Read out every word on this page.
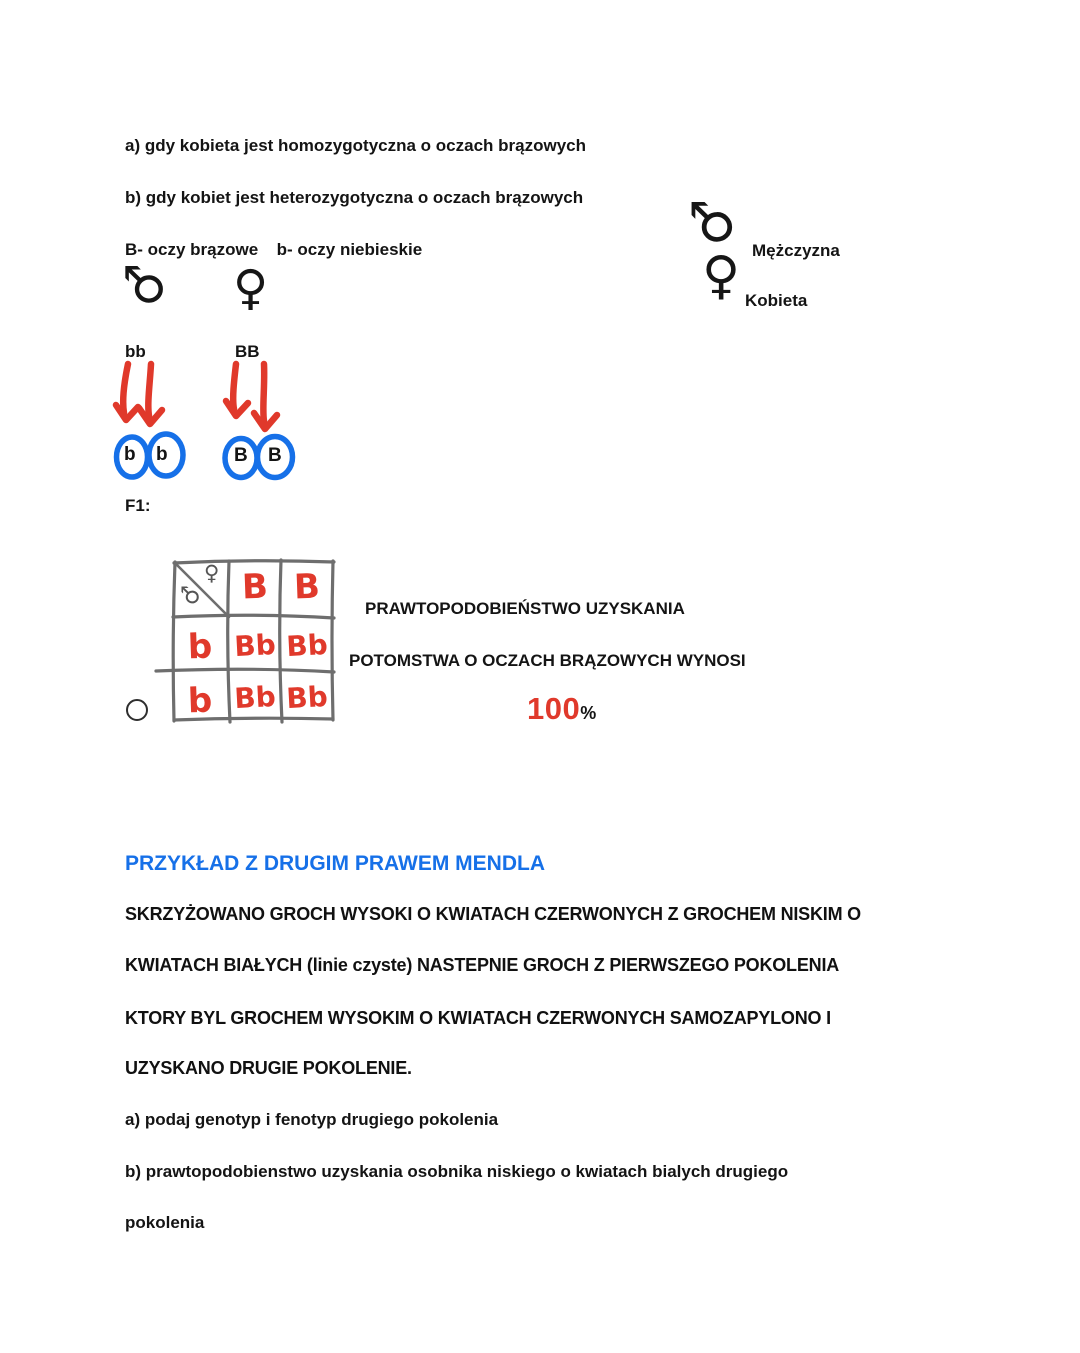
a) gdy kobieta jest homozygotyczna o oczach brązowych
b) gdy kobiet jest heterozygotyczna o oczach brązowych
B- oczy brązowe b- oczy niebieskie	♂ Mężczyzna
♀ Kobieta
♂ ♀
bb	BB
b b	B B
F1:
♀
♂	B B
b Bb Bb
b Bb Bb
PRAWTOPODOBIEŃSTWO UZYSKANIA
POTOMSTWA O OCZACH BRĄZOWYCH WYNOSI
100%
PRZYKŁAD Z DRUGIM PRAWEM MENDLA
SKRZYŻOWANO GROCH WYSOKI O KWIATACH CZERWONYCH Z GROCHEM NISKIM O
KWIATACH BIAŁYCH (linie czyste) NASTEPNIE GROCH Z PIERWSZEGO POKOLENIA
KTORY BYL GROCHEM WYSOKIM O KWIATACH CZERWONYCH SAMOZAPYLONO I
UZYSKANO DRUGIE POKOLENIE.
a) podaj genotyp i fenotyp drugiego pokolenia
b) prawtopodobienstwo uzyskania osobnika niskiego o kwiatach bialych drugiego
pokolenia
